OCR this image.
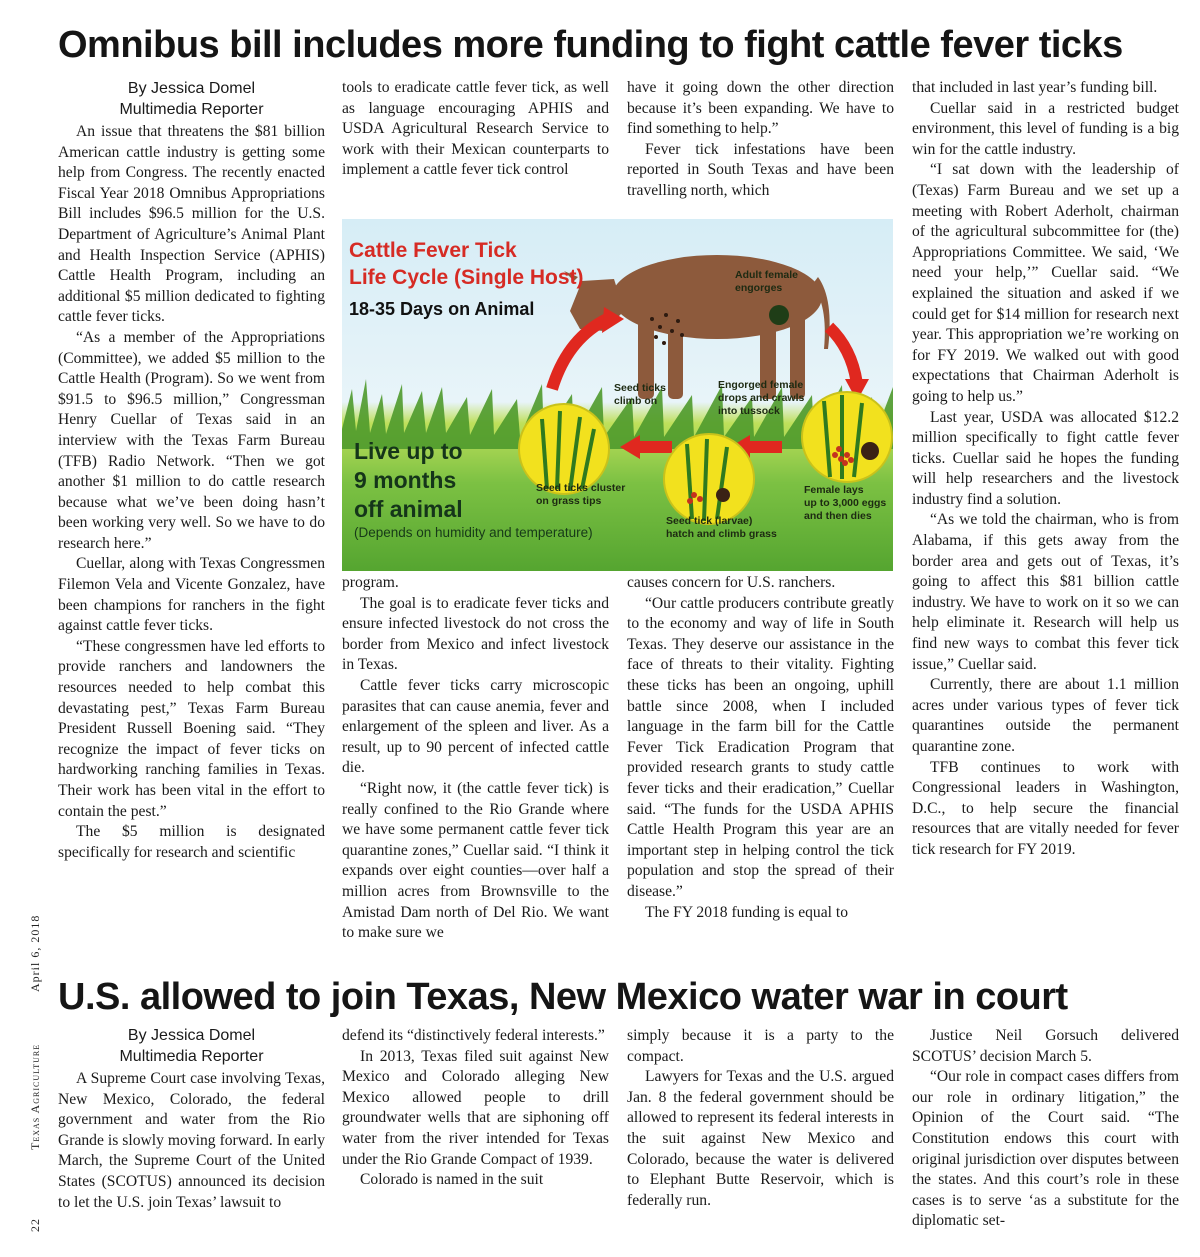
Omnibus bill includes more funding to fight cattle fever ticks
By Jessica Domel
Multimedia Reporter

An issue that threatens the $81 billion American cattle industry is getting some help from Congress. The recently enacted Fiscal Year 2018 Omnibus Appropriations Bill includes $96.5 million for the U.S. Department of Agriculture’s Animal Plant and Health Inspection Service (APHIS) Cattle Health Program, including an additional $5 million dedicated to fighting cattle fever ticks.

“As a member of the Appropriations (Committee), we added $5 million to the Cattle Health (Program). So we went from $91.5 to $96.5 million,” Congressman Henry Cuellar of Texas said in an interview with the Texas Farm Bureau (TFB) Radio Network. “Then we got another $1 million to do cattle research because what we’ve been doing hasn’t been working very well. So we have to do research here.”

Cuellar, along with Texas Congressmen Filemon Vela and Vicente Gonzalez, have been champions for ranchers in the fight against cattle fever ticks.

“These congressmen have led efforts to provide ranchers and landowners the resources needed to help combat this devastating pest,” Texas Farm Bureau President Russell Boening said. “They recognize the impact of fever ticks on hardworking ranching families in Texas. Their work has been vital in the effort to contain the pest.”

The $5 million is designated specifically for research and scientific

tools to eradicate cattle fever tick, as well as language encouraging APHIS and USDA Agricultural Research Service to work with their Mexican counterparts to implement a cattle fever tick control

have it going down the other direction because it’s been expanding. We have to find something to help.”

Fever tick infestations have been reported in South Texas and have been travelling north, which

program.

The goal is to eradicate fever ticks and ensure infected livestock do not cross the border from Mexico and infect livestock in Texas.

Cattle fever ticks carry microscopic parasites that can cause anemia, fever and enlargement of the spleen and liver. As a result, up to 90 percent of infected cattle die.

“Right now, it (the cattle fever tick) is really confined to the Rio Grande where we have some permanent cattle fever tick quarantine zones,” Cuellar said. “I think it expands over eight counties—over half a million acres from Brownsville to the Amistad Dam north of Del Rio. We want to make sure we

causes concern for U.S. ranchers.

“Our cattle producers contribute greatly to the economy and way of life in South Texas. They deserve our assistance in the face of threats to their vitality. Fighting these ticks has been an ongoing, uphill battle since 2008, when I included language in the farm bill for the Cattle Fever Tick Eradication Program that provided research grants to study cattle fever ticks and their eradication,” Cuellar said. “The funds for the USDA APHIS Cattle Health Program this year are an important step in helping control the tick population and stop the spread of their disease.”

The FY 2018 funding is equal to

that included in last year’s funding bill.

Cuellar said in a restricted budget environment, this level of funding is a big win for the cattle industry.

“I sat down with the leadership of (Texas) Farm Bureau and we set up a meeting with Robert Aderholt, chairman of the agricultural subcommittee for (the) Appropriations Committee. We said, ‘We need your help,’” Cuellar said. “We explained the situation and asked if we could get for $14 million for research next year. This appropriation we’re working on for FY 2019. We walked out with good expectations that Chairman Aderholt is going to help us.”

Last year, USDA was allocated $12.2 million specifically to fight cattle fever ticks. Cuellar said he hopes the funding will help researchers and the livestock industry find a solution.

“As we told the chairman, who is from Alabama, if this gets away from the border area and gets out of Texas, it’s going to affect this $81 billion cattle industry. We have to work on it so we can help eliminate it. Research will help us find new ways to combat this fever tick issue,” Cuellar said.

Currently, there are about 1.1 million acres under various types of fever tick quarantines outside the permanent quarantine zone.

TFB continues to work with Congressional leaders in Washington, D.C., to help secure the financial resources that are vitally needed for fever tick research for FY 2019.

Cattle Fever Tick
Life Cycle (Single Host)
18-35 Days on Animal
Live up to
9 months
off animal
(Depends on humidity and temperature)
Adult female
engorges
Seed ticks
climb on
Engorged female
drops and crawls
into tussock
Seed ticks cluster
on grass tips
Seed tick (larvae)
hatch and climb grass
Female lays
up to 3,000 eggs
and then dies
U.S. allowed to join Texas, New Mexico water war in court
By Jessica Domel
Multimedia Reporter

A Supreme Court case involving Texas, New Mexico, Colorado, the federal government and water from the Rio Grande is slowly moving forward. In early March, the Supreme Court of the United States (SCOTUS) announced its decision to let the U.S. join Texas’ lawsuit to

defend its “distinctively federal interests.”

In 2013, Texas filed suit against New Mexico and Colorado alleging New Mexico allowed people to drill groundwater wells that are siphoning off water from the river intended for Texas under the Rio Grande Compact of 1939.

Colorado is named in the suit

simply because it is a party to the compact.

Lawyers for Texas and the U.S. argued Jan. 8 the federal government should be allowed to represent its federal interests in the suit against New Mexico and Colorado, because the water is delivered to Elephant Butte Reservoir, which is federally run.

Justice Neil Gorsuch delivered SCOTUS’ decision March 5.

“Our role in compact cases differs from our role in ordinary litigation,” the Opinion of the Court said. “The Constitution endows this court with original jurisdiction over disputes between the states. And this court’s role in these cases is to serve ‘as a substitute for the diplomatic set-

22  Texas Agriculture
April 6, 2018
